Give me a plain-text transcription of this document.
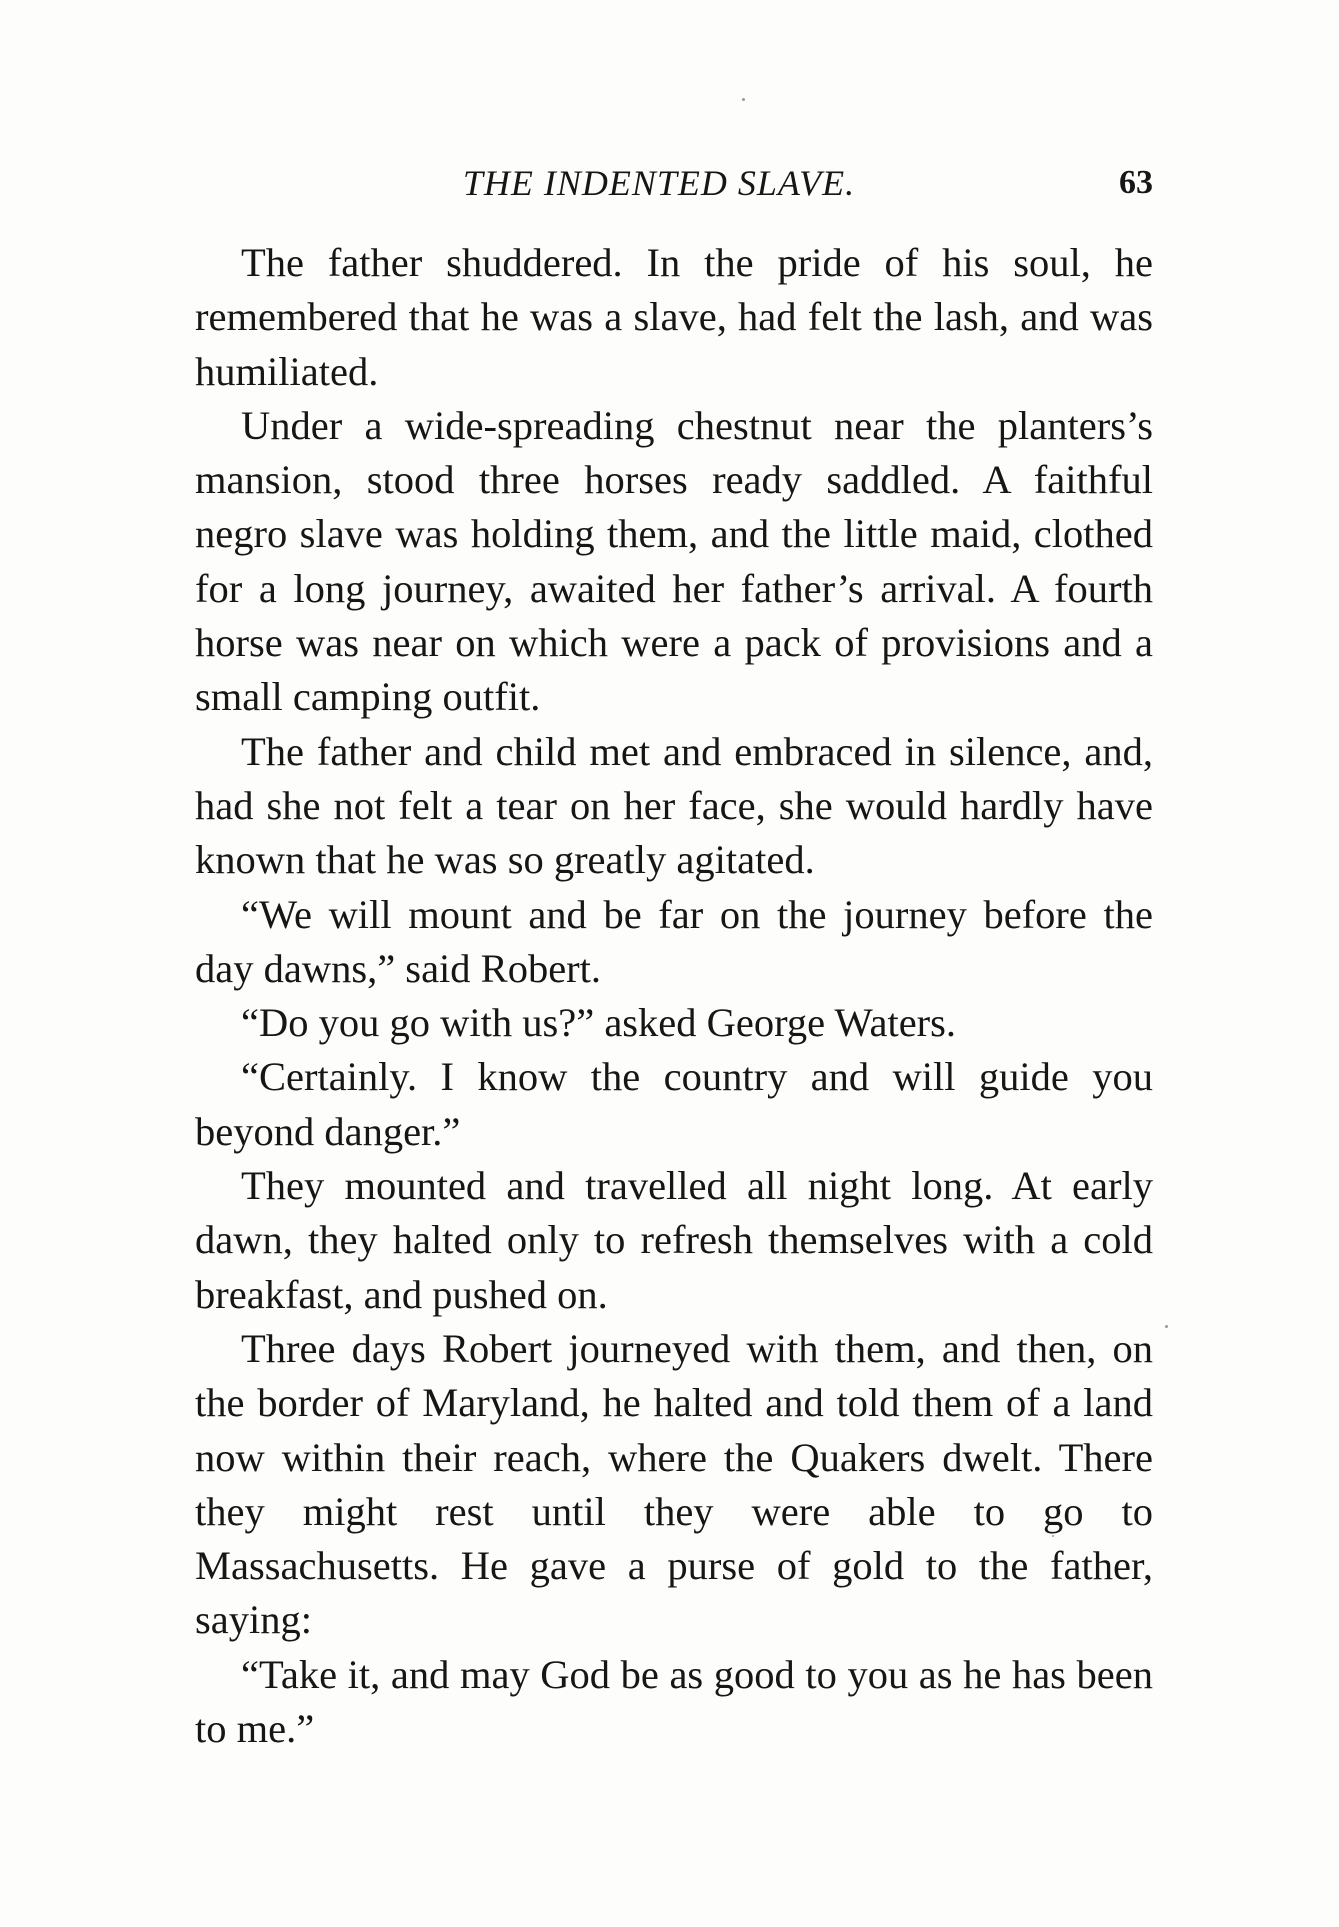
THE INDENTED SLAVE.	63

The father shuddered. In the pride of his soul, he remembered that he was a slave, had felt the lash, and was humiliated.

Under a wide-spreading chestnut near the planters’s mansion, stood three horses ready saddled. A faithful negro slave was holding them, and the little maid, clothed for a long journey, awaited her father’s arrival. A fourth horse was near on which were a pack of provisions and a small camping outfit.

The father and child met and embraced in silence, and, had she not felt a tear on her face, she would hardly have known that he was so greatly agitated.

“We will mount and be far on the journey before the day dawns,” said Robert.

“Do you go with us?” asked George Waters.

“Certainly. I know the country and will guide you beyond danger.”

They mounted and travelled all night long. At early dawn, they halted only to refresh themselves with a cold breakfast, and pushed on.

Three days Robert journeyed with them, and then, on the border of Maryland, he halted and told them of a land now within their reach, where the Quakers dwelt. There they might rest until they were able to go to Massachusetts. He gave a purse of gold to the father, saying:

“Take it, and may God be as good to you as he has been to me.”
